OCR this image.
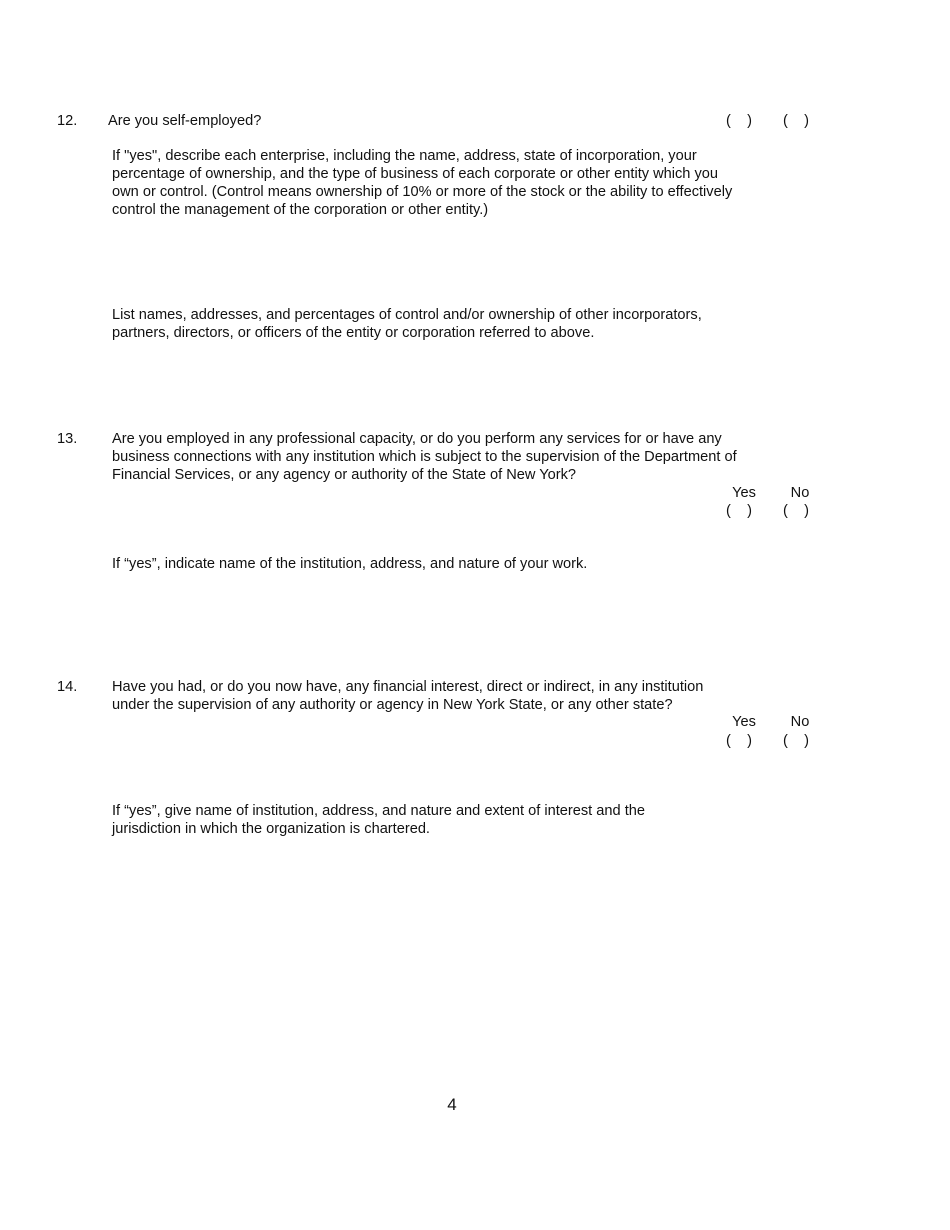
12. Are you self-employed?	(    ) (    )
If "yes", describe each enterprise, including the name, address, state of incorporation, your percentage of ownership, and the type of business of each corporate or other entity which you own or control. (Control means ownership of 10% or more of the stock or the ability to effectively control the management of the corporation or other entity.)
List names, addresses, and percentages of control and/or ownership of other incorporators, partners, directors, or officers of the entity or corporation referred to above.
13. Are you employed in any professional capacity, or do you perform any services for or have any business connections with any institution which is subject to the supervision of the Department of Financial Services, or any agency or authority of the State of New York?
Yes	No
(    ) (    )
If “yes”, indicate name of the institution, address, and nature of your work.
14. Have you had, or do you now have, any financial interest, direct or indirect, in any institution under the supervision of any authority or agency in New York State, or any other state?
Yes	No
(    ) (    )
If “yes”, give name of institution, address, and nature and extent of interest and the jurisdiction in which the organization is chartered.
4
